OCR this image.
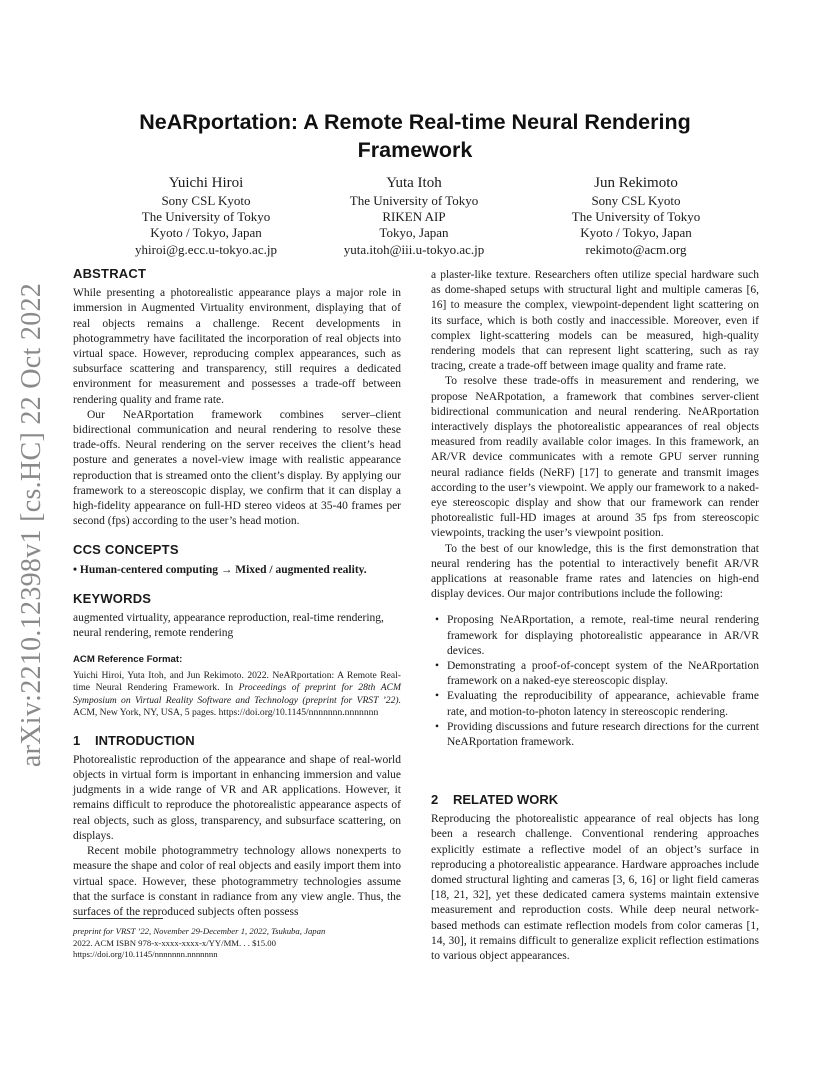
arXiv:2210.12398v1 [cs.HC] 22 Oct 2022
NeARportation: A Remote Real-time Neural Rendering Framework
Yuichi Hiroi
Sony CSL Kyoto
The University of Tokyo
Kyoto / Tokyo, Japan
yhiroi@g.ecc.u-tokyo.ac.jp
Yuta Itoh
The University of Tokyo
RIKEN AIP
Tokyo, Japan
yuta.itoh@iii.u-tokyo.ac.jp
Jun Rekimoto
Sony CSL Kyoto
The University of Tokyo
Kyoto / Tokyo, Japan
rekimoto@acm.org
ABSTRACT

While presenting a photorealistic appearance plays a major role in immersion in Augmented Virtuality environment, displaying that of real objects remains a challenge. Recent developments in photogrammetry have facilitated the incorporation of real objects into virtual space. However, reproducing complex appearances, such as subsurface scattering and transparency, still requires a dedicated environment for measurement and possesses a trade-off between rendering quality and frame rate.

Our NeARportation framework combines server–client bidirectional communication and neural rendering to resolve these trade-offs. Neural rendering on the server receives the client’s head posture and generates a novel-view image with realistic appearance reproduction that is streamed onto the client’s display. By applying our framework to a stereoscopic display, we confirm that it can display a high-fidelity appearance on full-HD stereo videos at 35-40 frames per second (fps) according to the user’s head motion.

CCS CONCEPTS

• Human-centered computing → Mixed / augmented reality.

KEYWORDS

augmented virtuality, appearance reproduction, real-time rendering, neural rendering, remote rendering

ACM Reference Format:

Yuichi Hiroi, Yuta Itoh, and Jun Rekimoto. 2022. NeARportation: A Remote Real-time Neural Rendering Framework. In Proceedings of preprint for 28th ACM Symposium on Virtual Reality Software and Technology (preprint for VRST ’22). ACM, New York, NY, USA, 5 pages. https://doi.org/10.1145/nnnnnnn.nnnnnnn

1 INTRODUCTION

Photorealistic reproduction of the appearance and shape of real-world objects in virtual form is important in enhancing immersion and value judgments in a wide range of VR and AR applications. However, it remains difficult to reproduce the photorealistic appearance aspects of real objects, such as gloss, transparency, and subsurface scattering, on displays.

Recent mobile photogrammetry technology allows nonexperts to measure the shape and color of real objects and easily import them into virtual space. However, these photogrammetry technologies assume that the surface is constant in radiance from any view angle. Thus, the surfaces of the reproduced subjects often possess

preprint for VRST ’22, November 29-December 1, 2022, Tsukuba, Japan
2022. ACM ISBN 978-x-xxxx-xxxx-x/YY/MM. . . $15.00
https://doi.org/10.1145/nnnnnnn.nnnnnnn

a plaster-like texture. Researchers often utilize special hardware such as dome-shaped setups with structural light and multiple cameras [6, 16] to measure the complex, viewpoint-dependent light scattering on its surface, which is both costly and inaccessible. Moreover, even if complex light-scattering models can be measured, high-quality rendering models that can represent light scattering, such as ray tracing, create a trade-off between image quality and frame rate.

To resolve these trade-offs in measurement and rendering, we propose NeARpotation, a framework that combines server-client bidirectional communication and neural rendering. NeARportation interactively displays the photorealistic appearances of real objects measured from readily available color images. In this framework, an AR/VR device communicates with a remote GPU server running neural radiance fields (NeRF) [17] to generate and transmit images according to the user’s viewpoint. We apply our framework to a naked-eye stereoscopic display and show that our framework can render photorealistic full-HD images at around 35 fps from stereoscopic viewpoints, tracking the user’s viewpoint position.

To the best of our knowledge, this is the first demonstration that neural rendering has the potential to interactively benefit AR/VR applications at reasonable frame rates and latencies on high-end display devices. Our major contributions include the following:

• Proposing NeARportation, a remote, real-time neural rendering framework for displaying photorealistic appearance in AR/VR devices.
• Demonstrating a proof-of-concept system of the NeARportation framework on a naked-eye stereoscopic display.
• Evaluating the reproducibility of appearance, achievable frame rate, and motion-to-photon latency in stereoscopic rendering.
• Providing discussions and future research directions for the current NeARportation framework.
2 RELATED WORK

Reproducing the photorealistic appearance of real objects has long been a research challenge. Conventional rendering approaches explicitly estimate a reflective model of an object’s surface in reproducing a photorealistic appearance. Hardware approaches include domed structural lighting and cameras [3, 6, 16] or light field cameras [18, 21, 32], yet these dedicated camera systems maintain extensive measurement and reproduction costs. While deep neural network-based methods can estimate reflection models from color cameras [1, 14, 30], it remains difficult to generalize explicit reflection estimations to various object appearances.
